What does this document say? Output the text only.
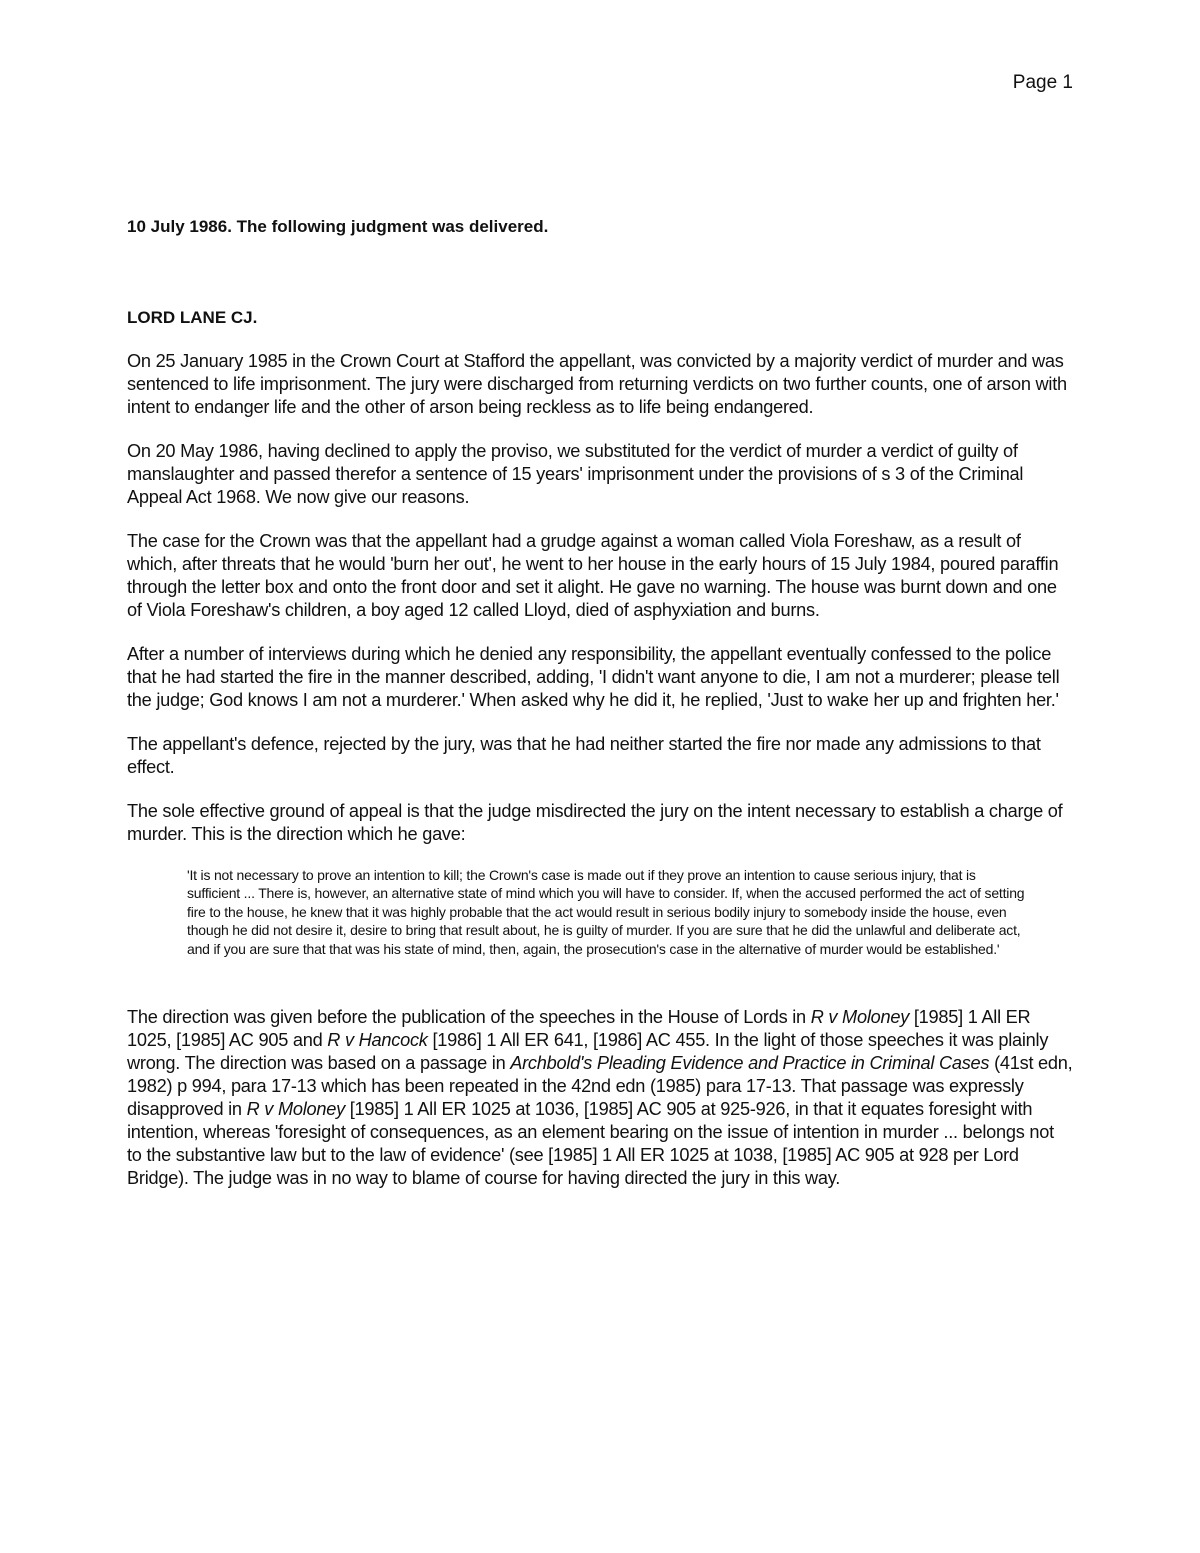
Page 1

10 July 1986. The following judgment was delivered.

LORD LANE CJ.

On 25 January 1985 in the Crown Court at Stafford the appellant, was convicted by a majority verdict of murder and was sentenced to life imprisonment. The jury were discharged from returning verdicts on two further counts, one of arson with intent to endanger life and the other of arson being reckless as to life being endangered.

On 20 May 1986, having declined to apply the proviso, we substituted for the verdict of murder a verdict of guilty of manslaughter and passed therefor a sentence of 15 years' imprisonment under the provisions of s 3 of the Criminal Appeal Act 1968. We now give our reasons.

The case for the Crown was that the appellant had a grudge against a woman called Viola Foreshaw, as a result of which, after threats that he would 'burn her out', he went to her house in the early hours of 15 July 1984, poured paraffin through the letter box and onto the front door and set it alight. He gave no warning. The house was burnt down and one of Viola Foreshaw's children, a boy aged 12 called Lloyd, died of asphyxiation and burns.

After a number of interviews during which he denied any responsibility, the appellant eventually confessed to the police that he had started the fire in the manner described, adding, 'I didn't want anyone to die, I am not a murderer; please tell the judge; God knows I am not a murderer.' When asked why he did it, he replied, 'Just to wake her up and frighten her.'

The appellant's defence, rejected by the jury, was that he had neither started the fire nor made any admissions to that effect.

The sole effective ground of appeal is that the judge misdirected the jury on the intent necessary to establish a charge of murder. This is the direction which he gave:

'It is not necessary to prove an intention to kill; the Crown's case is made out if they prove an intention to cause serious injury, that is sufficient ... There is, however, an alternative state of mind which you will have to consider. If, when the accused performed the act of setting fire to the house, he knew that it was highly probable that the act would result in serious bodily injury to somebody inside the house, even though he did not desire it, desire to bring that result about, he is guilty of murder. If you are sure that he did the unlawful and deliberate act, and if you are sure that that was his state of mind, then, again, the prosecution's case in the alternative of murder would be established.'

The direction was given before the publication of the speeches in the House of Lords in R v Moloney [1985] 1 All ER 1025, [1985] AC 905 and R v Hancock [1986] 1 All ER 641, [1986] AC 455. In the light of those speeches it was plainly wrong. The direction was based on a passage in Archbold's Pleading Evidence and Practice in Criminal Cases (41st edn, 1982) p 994, para 17-13 which has been repeated in the 42nd edn (1985) para 17-13. That passage was expressly disapproved in R v Moloney [1985] 1 All ER 1025 at 1036, [1985] AC 905 at 925-926, in that it equates foresight with intention, whereas 'foresight of consequences, as an element bearing on the issue of intention in murder ... belongs not to the substantive law but to the law of evidence' (see [1985] 1 All ER 1025 at 1038, [1985] AC 905 at 928 per Lord Bridge). The judge was in no way to blame of course for having directed the jury in this way.
